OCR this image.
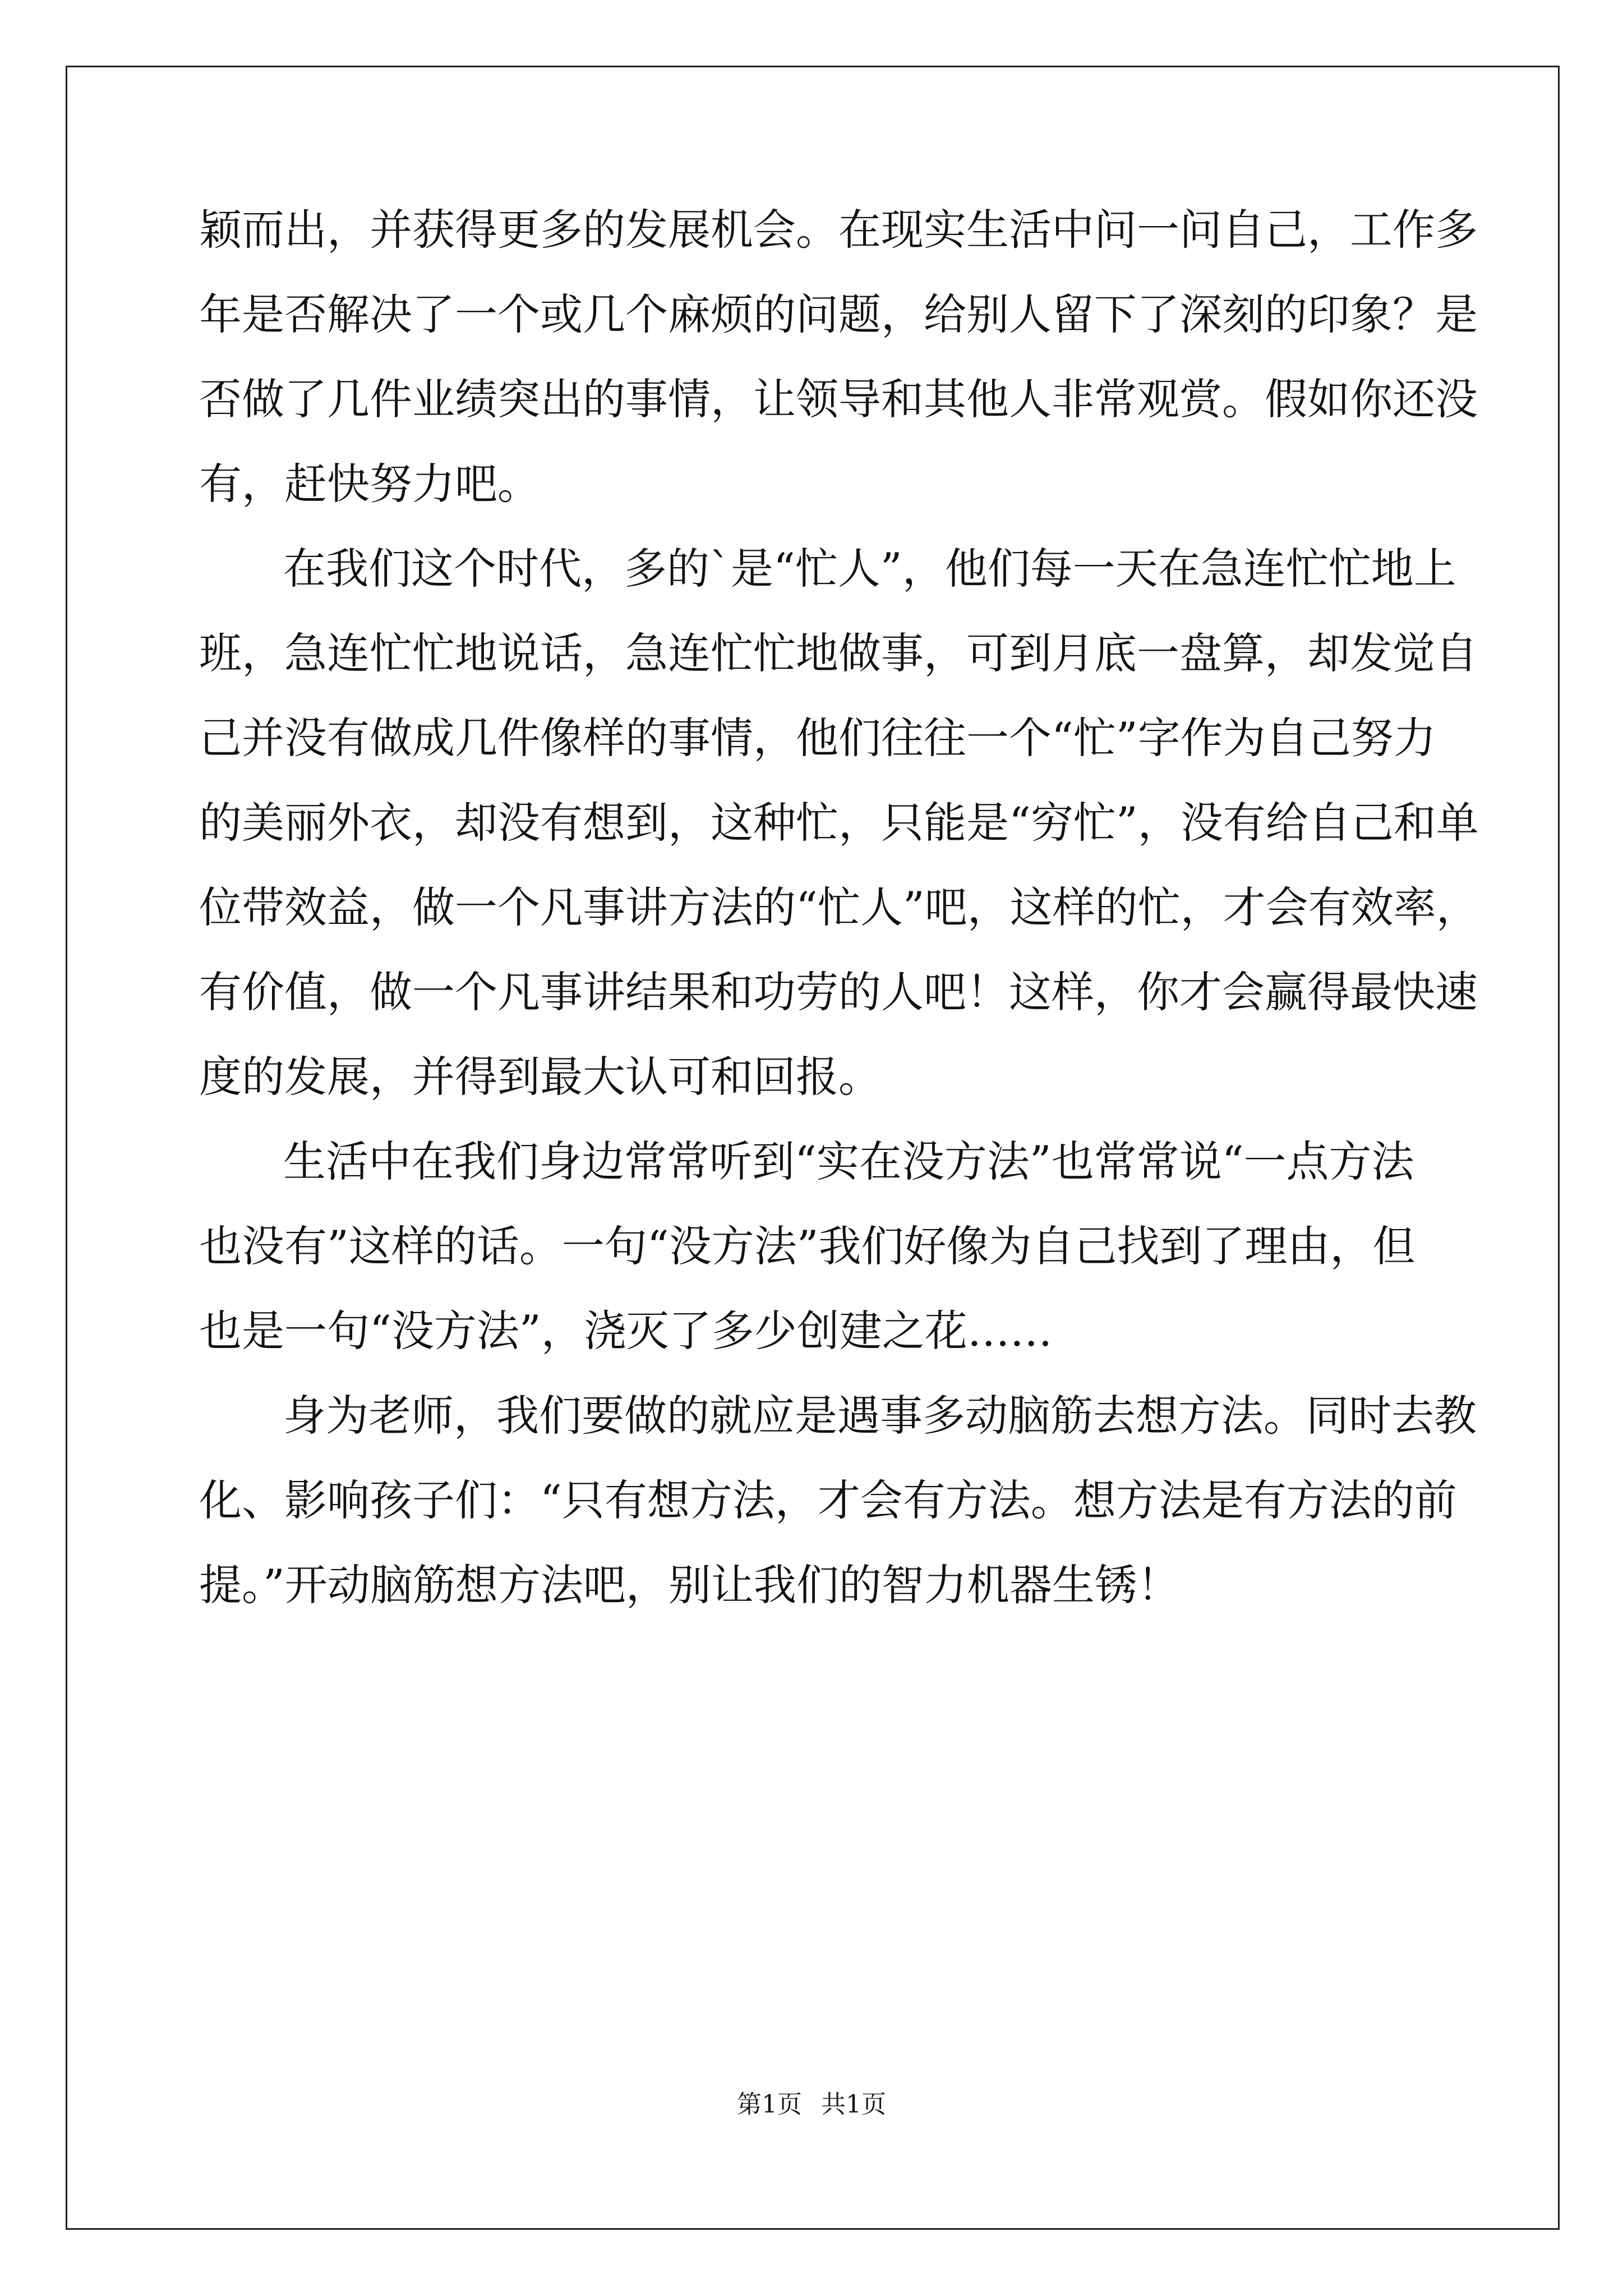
颖而出，并获得更多的发展机会。在现实生活中问一问自己，工作多
年是否解决了一个或几个麻烦的问题，给别人留下了深刻的印象？是
否做了几件业绩突出的事情，让领导和其他人非常观赏。假如你还没
有，赶快努力吧。
在我们这个时代，多的`是“忙人”，他们每一天在急连忙忙地上
班，急连忙忙地说话，急连忙忙地做事，可到月底一盘算，却发觉自
己并没有做成几件像样的事情，他们往往一个“忙”字作为自己努力
的美丽外衣，却没有想到，这种忙，只能是“穷忙”，没有给自己和单
位带效益，做一个凡事讲方法的“忙人”吧，这样的忙，才会有效率，
有价值，做一个凡事讲结果和功劳的人吧！这样，你才会赢得最快速
度的发展，并得到最大认可和回报。
生活中在我们身边常常听到“实在没方法”也常常说“一点方法
也没有”这样的话。一句“没方法”我们好像为自己找到了理由，但
也是一句“没方法”，浇灭了多少创建之花……
身为老师，我们要做的就应是遇事多动脑筋去想方法。同时去教
化、影响孩子们：“只有想方法，才会有方法。想方法是有方法的前
提。”开动脑筋想方法吧，别让我们的智力机器生锈！
第1页 共1页
